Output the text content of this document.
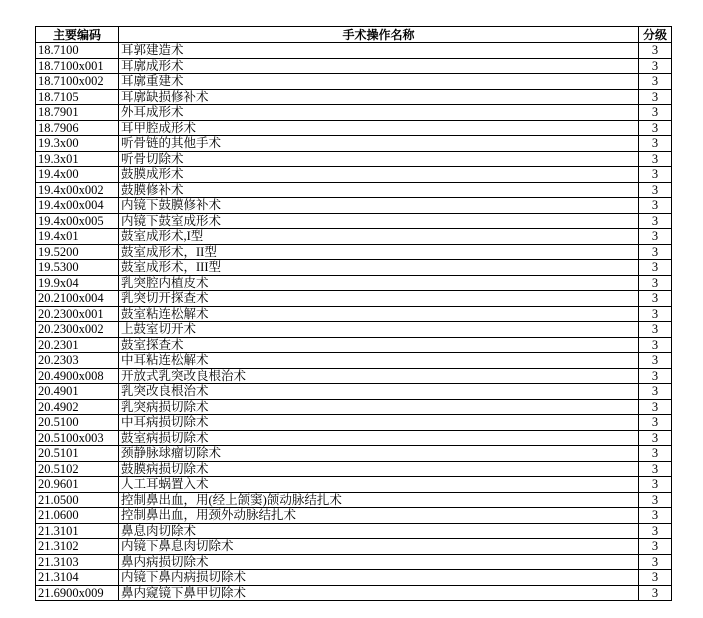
主要编码	手术操作名称	分级
18.7100	耳郭建造术	3
18.7100x001	耳廓成形术	3
18.7100x002	耳廓重建术	3
18.7105	耳廓缺损修补术	3
18.7901	外耳成形术	3
18.7906	耳甲腔成形术	3
19.3x00	听骨链的其他手术	3
19.3x01	听骨切除术	3
19.4x00	鼓膜成形术	3
19.4x00x002	鼓膜修补术	3
19.4x00x004	内镜下鼓膜修补术	3
19.4x00x005	内镜下鼓室成形术	3
19.4x01	鼓室成形术,I型	3
19.5200	鼓室成形术，II型	3
19.5300	鼓室成形术，III型	3
19.9x04	乳突腔内植皮术	3
20.2100x004	乳突切开探查术	3
20.2300x001	鼓室粘连松解术	3
20.2300x002	上鼓室切开术	3
20.2301	鼓室探查术	3
20.2303	中耳粘连松解术	3
20.4900x008	开放式乳突改良根治术	3
20.4901	乳突改良根治术	3
20.4902	乳突病损切除术	3
20.5100	中耳病损切除术	3
20.5100x003	鼓室病损切除术	3
20.5101	颈静脉球瘤切除术	3
20.5102	鼓膜病损切除术	3
20.9601	人工耳蜗置入术	3
21.0500	控制鼻出血，用(经上颌窦)颌动脉结扎术	3
21.0600	控制鼻出血，用颈外动脉结扎术	3
21.3101	鼻息肉切除术	3
21.3102	内镜下鼻息肉切除术	3
21.3103	鼻内病损切除术	3
21.3104	内镜下鼻内病损切除术	3
21.6900x009	鼻内窥镜下鼻甲切除术	3
